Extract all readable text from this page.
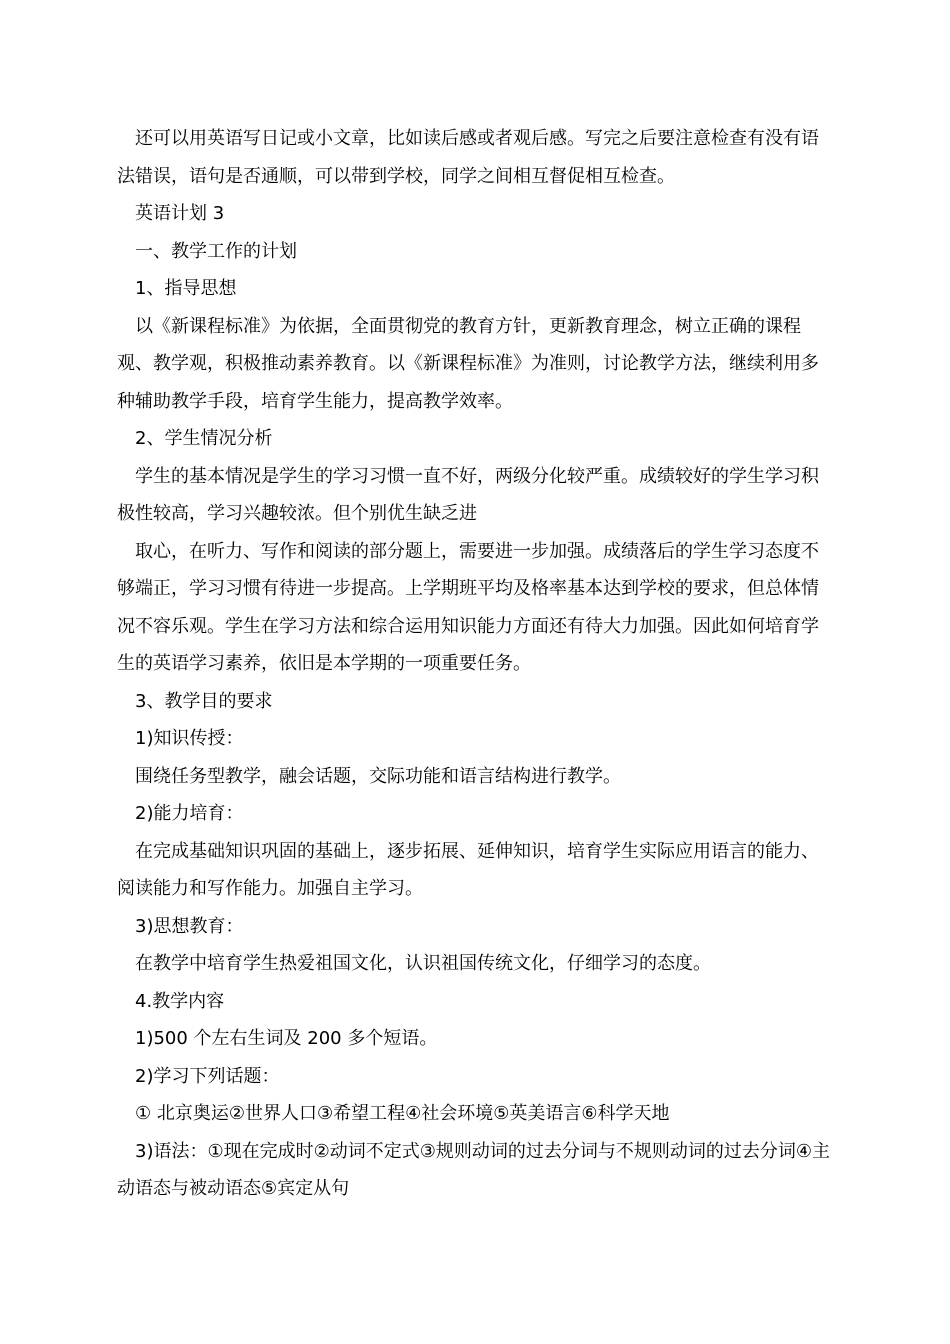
还可以用英语写日记或小文章，比如读后感或者观后感。写完之后要注意检查有没有语法错误，语句是否通顺，可以带到学校，同学之间相互督促相互检查。

英语计划 3

一、教学工作的计划

1、指导思想

以《新课程标准》为依据，全面贯彻党的教育方针，更新教育理念，树立正确的课程观、教学观，积极推动素养教育。以《新课程标准》为准则，讨论教学方法，继续利用多种辅助教学手段，培育学生能力，提高教学效率。

2、学生情况分析

学生的基本情况是学生的学习习惯一直不好，两级分化较严重。成绩较好的学生学习积极性较高，学习兴趣较浓。但个别优生缺乏进

取心，在听力、写作和阅读的部分题上，需要进一步加强。成绩落后的学生学习态度不够端正，学习习惯有待进一步提高。上学期班平均及格率基本达到学校的要求，但总体情况不容乐观。学生在学习方法和综合运用知识能力方面还有待大力加强。因此如何培育学生的英语学习素养，依旧是本学期的一项重要任务。

3、教学目的要求

1)知识传授：

围绕任务型教学，融会话题，交际功能和语言结构进行教学。

2)能力培育：

在完成基础知识巩固的基础上，逐步拓展、延伸知识，培育学生实际应用语言的能力、阅读能力和写作能力。加强自主学习。

3)思想教育：

在教学中培育学生热爱祖国文化，认识祖国传统文化，仔细学习的态度。

4.教学内容

1)500 个左右生词及 200 多个短语。

2)学习下列话题：

① 北京奥运②世界人口③希望工程④社会环境⑤英美语言⑥科学天地

3)语法：①现在完成时②动词不定式③规则动词的过去分词与不规则动词的过去分词④主动语态与被动语态⑤宾定从句
